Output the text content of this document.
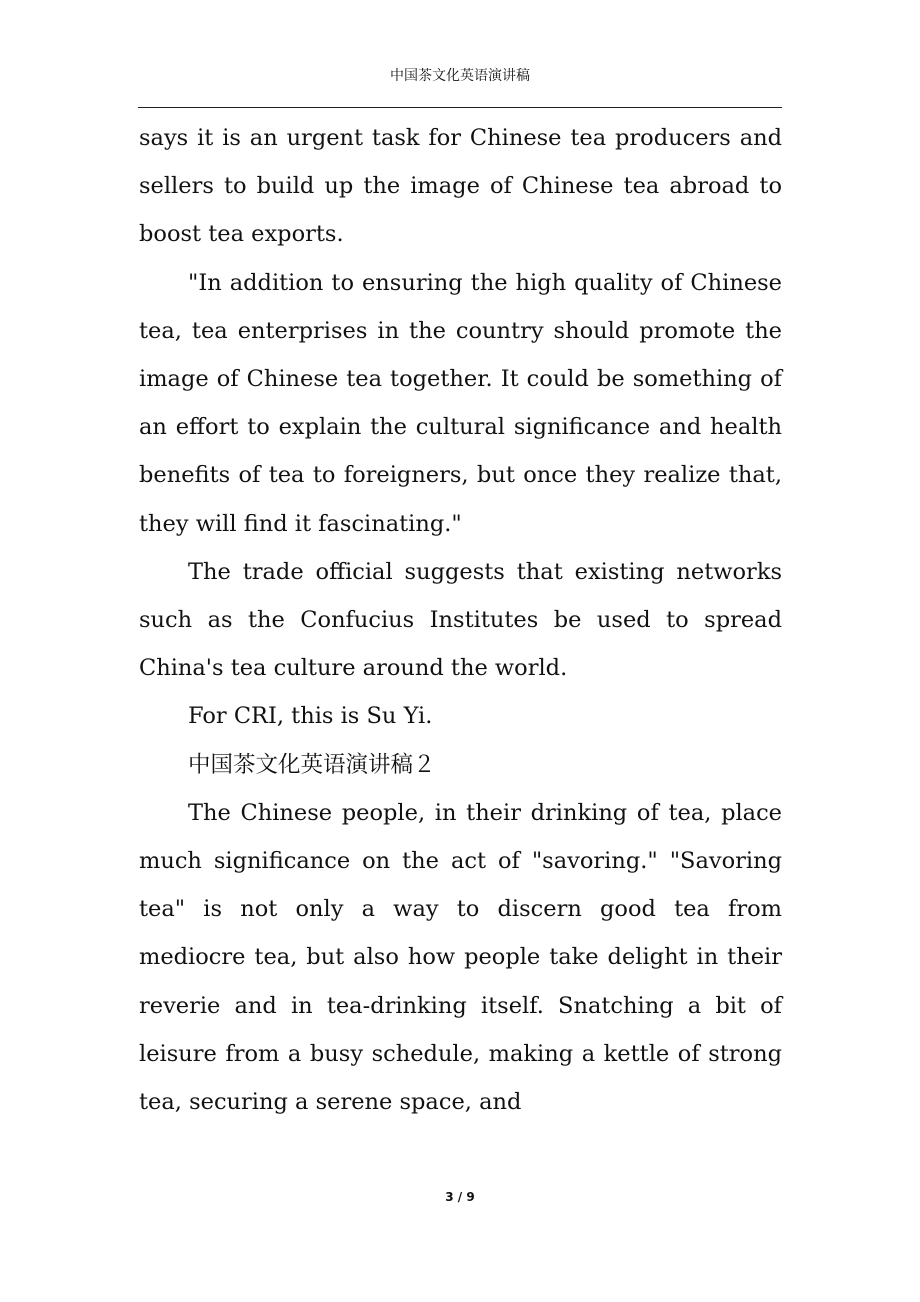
中国茶文化英语演讲稿

says it is an urgent task for Chinese tea producers and sellers to build up the image of Chinese tea abroad to boost tea exports.

"In addition to ensuring the high quality of Chinese tea, tea enterprises in the country should promote the image of Chinese tea together. It could be something of an effort to explain the cultural significance and health benefits of tea to foreigners, but once they realize that, they will find it fascinating."

The trade official suggests that existing networks such as the Confucius Institutes be used to spread China's tea culture around the world.

For CRI, this is Su Yi.

中国茶文化英语演讲稿２

The Chinese people, in their drinking of tea, place much significance on the act of "savoring." "Savoring tea" is not only a way to discern good tea from mediocre tea, but also how people take delight in their reverie and in tea-drinking itself. Snatching a bit of leisure from a busy schedule, making a kettle of strong tea, securing a serene space, and

3 / 9
